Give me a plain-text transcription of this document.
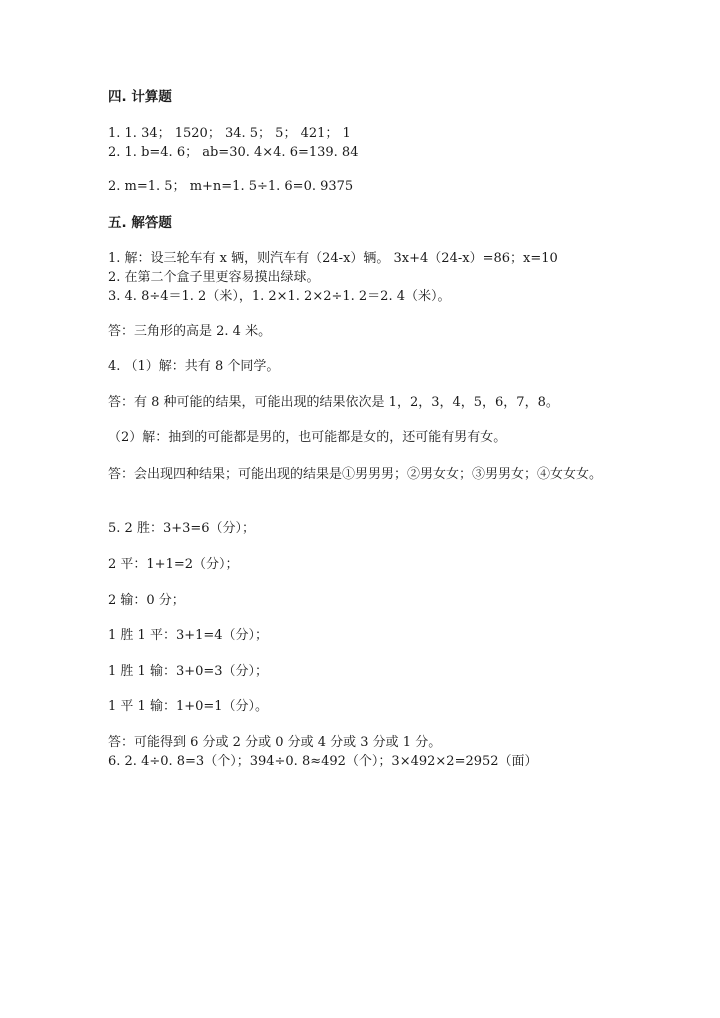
四. 计算题
1. 1. 34； 1520； 34. 5； 5； 421； 1
2. 1. b=4. 6； ab=30. 4×4. 6=139. 84
2. m=1. 5； m+n=1. 5÷1. 6=0. 9375
五. 解答题
1. 解：设三轮车有 x 辆，则汽车有（24-x）辆。 3x+4（24-x）=86；x=10
2. 在第二个盒子里更容易摸出绿球。
3. 4. 8÷4＝1. 2（米），1. 2×1. 2×2÷1. 2＝2. 4（米）。
答：三角形的高是 2. 4 米。
4. （1）解：共有 8 个同学。
答：有 8 种可能的结果，可能出现的结果依次是 1，2，3，4，5，6，7，8。
（2）解：抽到的可能都是男的，也可能都是女的，还可能有男有女。
答：会出现四种结果；可能出现的结果是①男男男；②男女女；③男男女；④女女女。
5. 2 胜：3+3=6（分）；
2 平：1+1=2（分）；
2 输：0 分；
1 胜 1 平：3+1=4（分）；
1 胜 1 输：3+0=3（分）；
1 平 1 输：1+0=1（分）。
答：可能得到 6 分或 2 分或 0 分或 4 分或 3 分或 1 分。
6. 2. 4÷0. 8=3（个）；394÷0. 8≈492（个）；3×492×2=2952（面）
